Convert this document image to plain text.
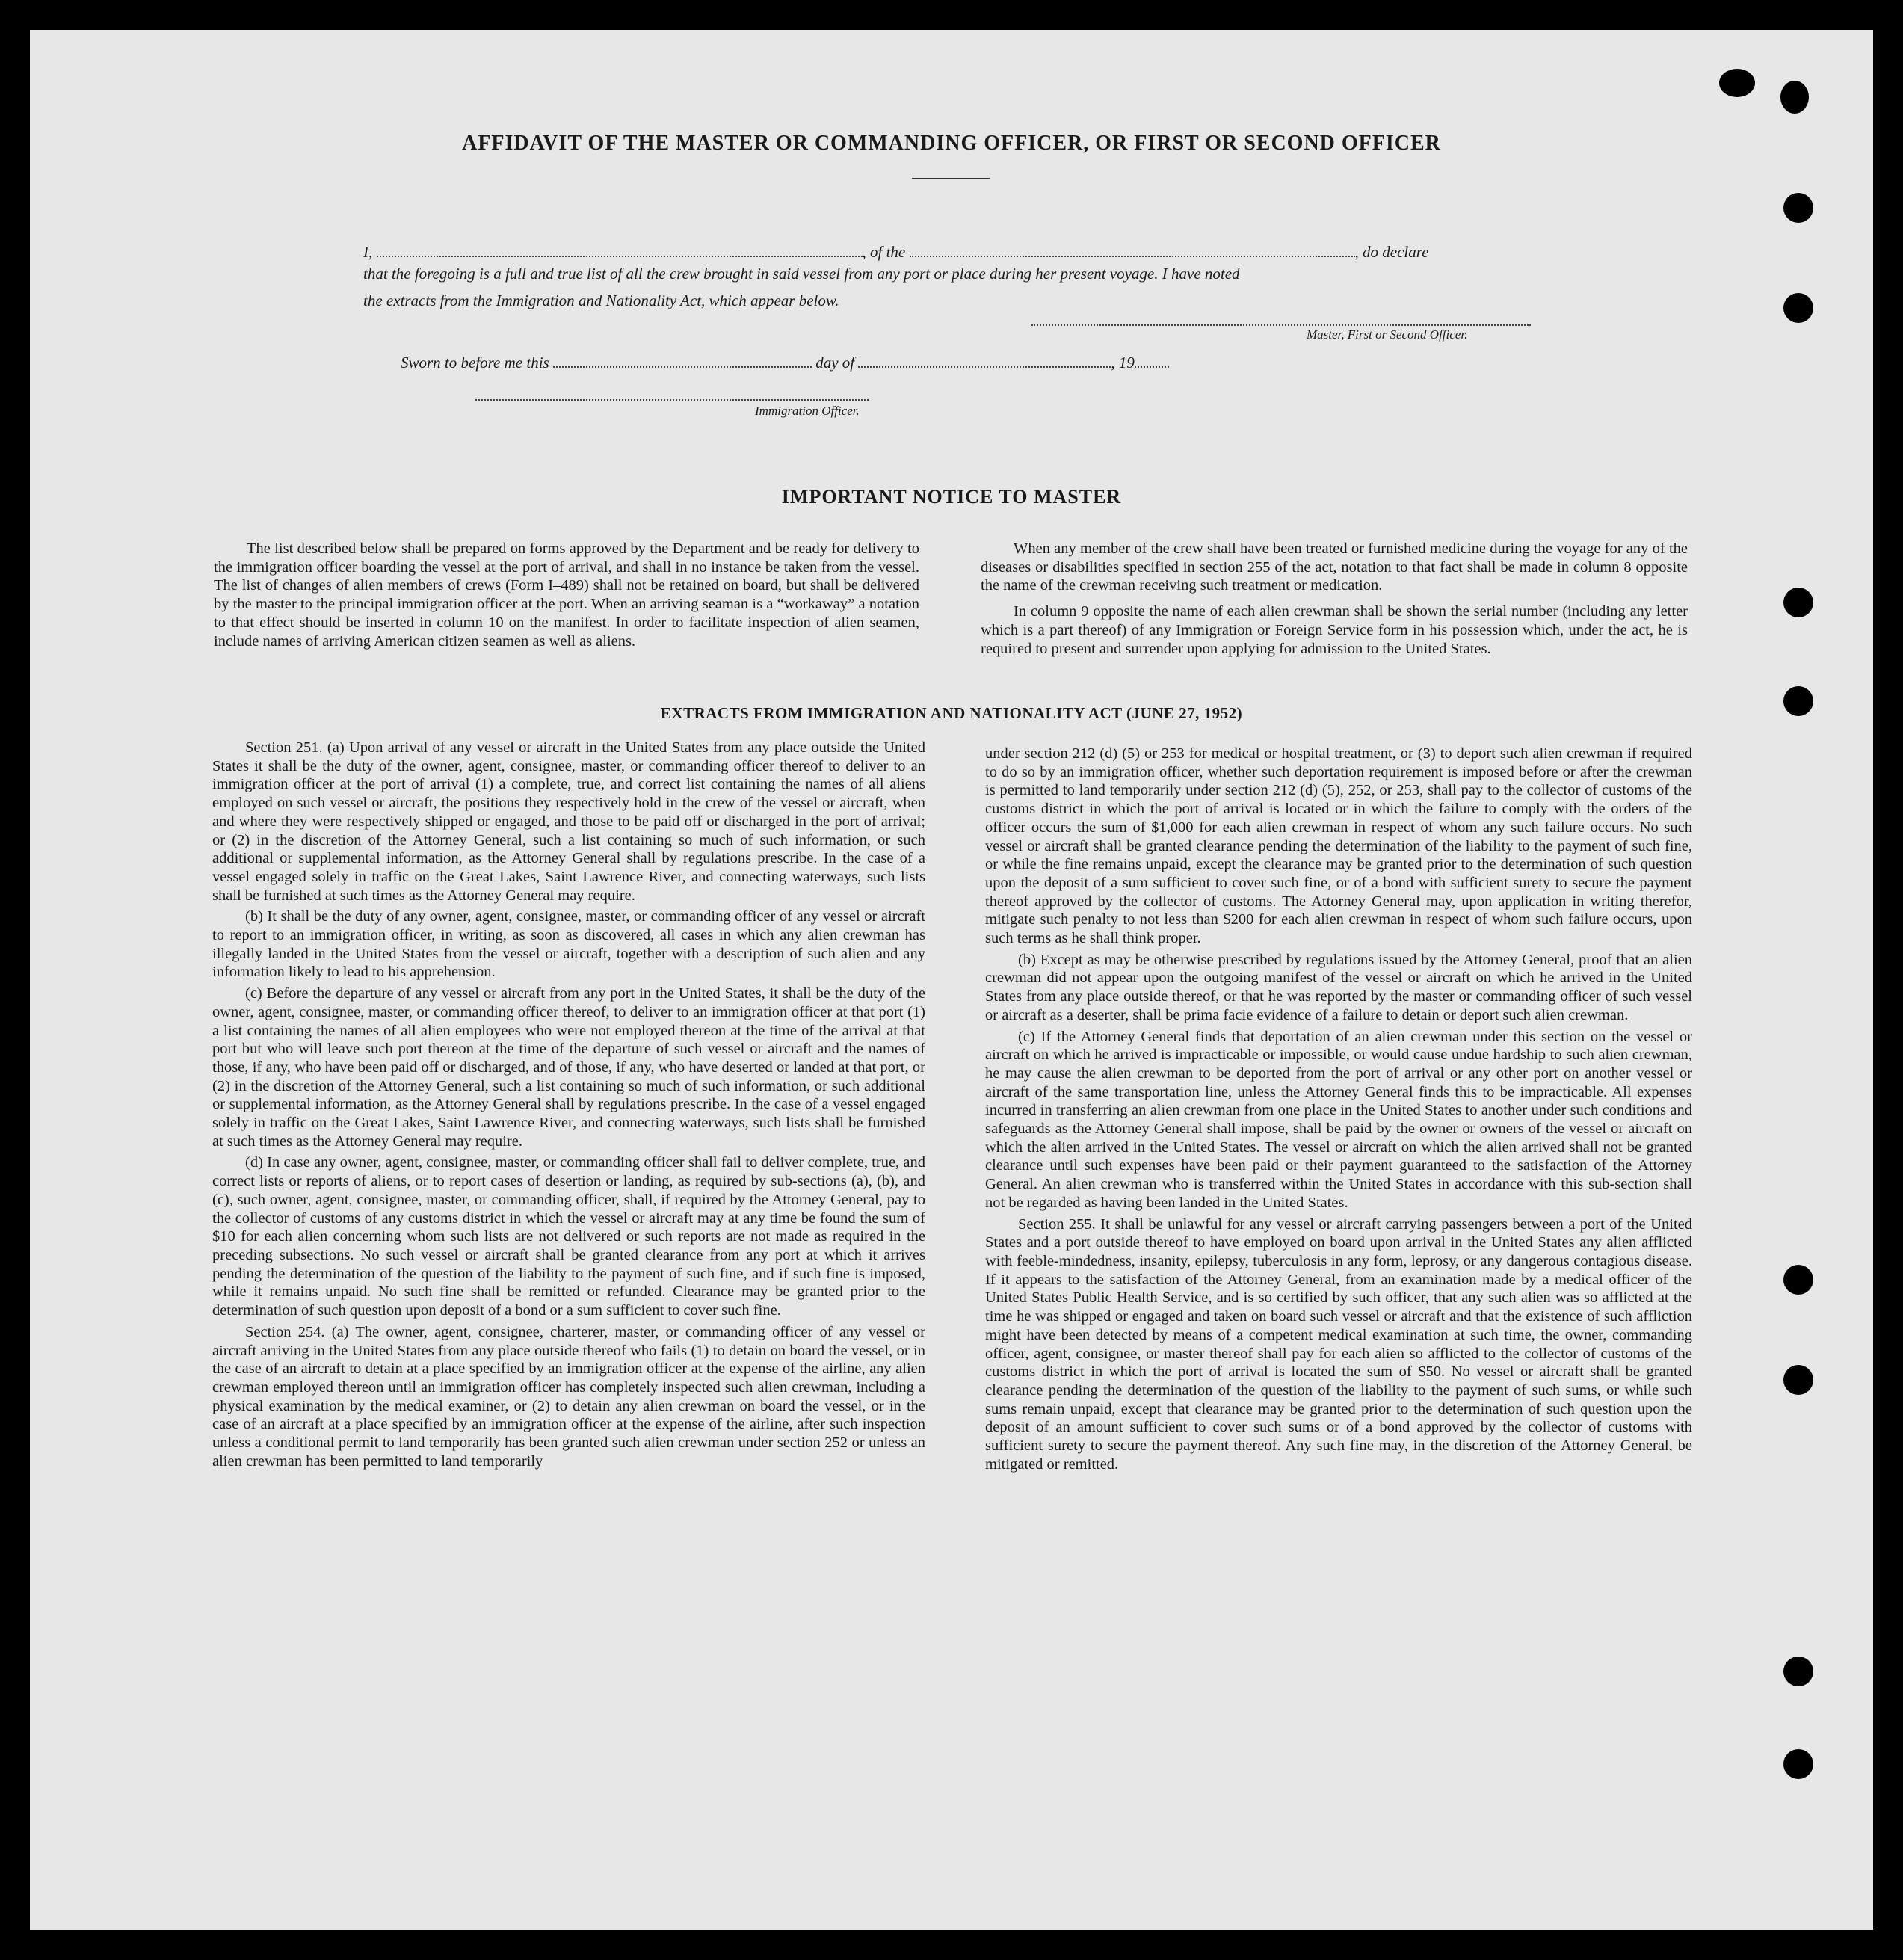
AFFIDAVIT OF THE MASTER OR COMMANDING OFFICER, OR FIRST OR SECOND OFFICER
I,	, of the	, do declare
that the foregoing is a full and true list of all the crew brought in said vessel from any port or place during her present voyage. I have noted
the extracts from the Immigration and Nationality Act, which appear below.
Master, First or Second Officer.
Sworn to before me this	day of	, 19
Immigration Officer.
IMPORTANT NOTICE TO MASTER

The list described below shall be prepared on forms approved by the Department and be ready for delivery to the immigration officer boarding the vessel at the port of arrival, and shall in no instance be taken from the vessel. The list of changes of alien members of crews (Form I–489) shall not be retained on board, but shall be delivered by the master to the principal immigration officer at the port. When an arriving seaman is a “workaway” a notation to that effect should be inserted in column 10 on the manifest. In order to facilitate inspection of alien seamen, include names of arriving American citizen seamen as well as aliens.

When any member of the crew shall have been treated or furnished medicine during the voyage for any of the diseases or disabilities specified in section 255 of the act, notation to that fact shall be made in column 8 opposite the name of the crewman receiving such treatment or medication.

In column 9 opposite the name of each alien crewman shall be shown the serial number (including any letter which is a part thereof) of any Immigration or Foreign Service form in his possession which, under the act, he is required to present and surrender upon applying for admission to the United States.

EXTRACTS FROM IMMIGRATION AND NATIONALITY ACT (JUNE 27, 1952)

Section 251. (a) Upon arrival of any vessel or aircraft in the United States from any place outside the United States it shall be the duty of the owner, agent, consignee, master, or commanding officer thereof to deliver to an immigration officer at the port of arrival (1) a complete, true, and correct list containing the names of all aliens employed on such vessel or aircraft, the positions they respectively hold in the crew of the vessel or aircraft, when and where they were respectively shipped or engaged, and those to be paid off or discharged in the port of arrival; or (2) in the discretion of the Attorney General, such a list containing so much of such information, or such additional or supplemental information, as the Attorney General shall by regulations prescribe. In the case of a vessel engaged solely in traffic on the Great Lakes, Saint Lawrence River, and connecting waterways, such lists shall be furnished at such times as the Attorney General may require.

(b) It shall be the duty of any owner, agent, consignee, master, or commanding officer of any vessel or aircraft to report to an immigration officer, in writing, as soon as discovered, all cases in which any alien crewman has illegally landed in the United States from the vessel or aircraft, together with a description of such alien and any information likely to lead to his apprehension.

(c) Before the departure of any vessel or aircraft from any port in the United States, it shall be the duty of the owner, agent, consignee, master, or commanding officer thereof, to deliver to an immigration officer at that port (1) a list containing the names of all alien employees who were not employed thereon at the time of the arrival at that port but who will leave such port thereon at the time of the departure of such vessel or aircraft and the names of those, if any, who have been paid off or discharged, and of those, if any, who have deserted or landed at that port, or (2) in the discretion of the Attorney General, such a list containing so much of such information, or such additional or supplemental information, as the Attorney General shall by regulations prescribe. In the case of a vessel engaged solely in traffic on the Great Lakes, Saint Lawrence River, and connecting waterways, such lists shall be furnished at such times as the Attorney General may require.

(d) In case any owner, agent, consignee, master, or commanding officer shall fail to deliver complete, true, and correct lists or reports of aliens, or to report cases of desertion or landing, as required by sub-sections (a), (b), and (c), such owner, agent, consignee, master, or commanding officer, shall, if required by the Attorney General, pay to the collector of customs of any customs district in which the vessel or aircraft may at any time be found the sum of $10 for each alien concerning whom such lists are not delivered or such reports are not made as required in the preceding subsections. No such vessel or aircraft shall be granted clearance from any port at which it arrives pending the determination of the question of the liability to the payment of such fine, and if such fine is imposed, while it remains unpaid. No such fine shall be remitted or refunded. Clearance may be granted prior to the determination of such question upon deposit of a bond or a sum sufficient to cover such fine.

Section 254. (a) The owner, agent, consignee, charterer, master, or commanding officer of any vessel or aircraft arriving in the United States from any place outside thereof who fails (1) to detain on board the vessel, or in the case of an aircraft to detain at a place specified by an immigration officer at the expense of the airline, any alien crewman employed thereon until an immigration officer has completely inspected such alien crewman, including a physical examination by the medical examiner, or (2) to detain any alien crewman on board the vessel, or in the case of an aircraft at a place specified by an immigration officer at the expense of the airline, after such inspection unless a conditional permit to land temporarily has been granted such alien crewman under section 252 or unless an alien crewman has been permitted to land temporarily

under section 212 (d) (5) or 253 for medical or hospital treatment, or (3) to deport such alien crewman if required to do so by an immigration officer, whether such deportation requirement is imposed before or after the crewman is permitted to land temporarily under section 212 (d) (5), 252, or 253, shall pay to the collector of customs of the customs district in which the port of arrival is located or in which the failure to comply with the orders of the officer occurs the sum of $1,000 for each alien crewman in respect of whom any such failure occurs. No such vessel or aircraft shall be granted clearance pending the determination of the liability to the payment of such fine, or while the fine remains unpaid, except the clearance may be granted prior to the determination of such question upon the deposit of a sum sufficient to cover such fine, or of a bond with sufficient surety to secure the payment thereof approved by the collector of customs. The Attorney General may, upon application in writing therefor, mitigate such penalty to not less than $200 for each alien crewman in respect of whom such failure occurs, upon such terms as he shall think proper.

(b) Except as may be otherwise prescribed by regulations issued by the Attorney General, proof that an alien crewman did not appear upon the outgoing manifest of the vessel or aircraft on which he arrived in the United States from any place outside thereof, or that he was reported by the master or commanding officer of such vessel or aircraft as a deserter, shall be prima facie evidence of a failure to detain or deport such alien crewman.

(c) If the Attorney General finds that deportation of an alien crewman under this section on the vessel or aircraft on which he arrived is impracticable or impossible, or would cause undue hardship to such alien crewman, he may cause the alien crewman to be deported from the port of arrival or any other port on another vessel or aircraft of the same transportation line, unless the Attorney General finds this to be impracticable. All expenses incurred in transferring an alien crewman from one place in the United States to another under such conditions and safeguards as the Attorney General shall impose, shall be paid by the owner or owners of the vessel or aircraft on which the alien arrived in the United States. The vessel or aircraft on which the alien arrived shall not be granted clearance until such expenses have been paid or their payment guaranteed to the satisfaction of the Attorney General. An alien crewman who is transferred within the United States in accordance with this sub-section shall not be regarded as having been landed in the United States.

Section 255. It shall be unlawful for any vessel or aircraft carrying passengers between a port of the United States and a port outside thereof to have employed on board upon arrival in the United States any alien afflicted with feeble-mindedness, insanity, epilepsy, tuberculosis in any form, leprosy, or any dangerous contagious disease. If it appears to the satisfaction of the Attorney General, from an examination made by a medical officer of the United States Public Health Service, and is so certified by such officer, that any such alien was so afflicted at the time he was shipped or engaged and taken on board such vessel or aircraft and that the existence of such affliction might have been detected by means of a competent medical examination at such time, the owner, commanding officer, agent, consignee, or master thereof shall pay for each alien so afflicted to the collector of customs of the customs district in which the port of arrival is located the sum of $50. No vessel or aircraft shall be granted clearance pending the determination of the question of the liability to the payment of such sums, or while such sums remain unpaid, except that clearance may be granted prior to the determination of such question upon the deposit of an amount sufficient to cover such sums or of a bond approved by the collector of customs with sufficient surety to secure the payment thereof. Any such fine may, in the discretion of the Attorney General, be mitigated or remitted.
